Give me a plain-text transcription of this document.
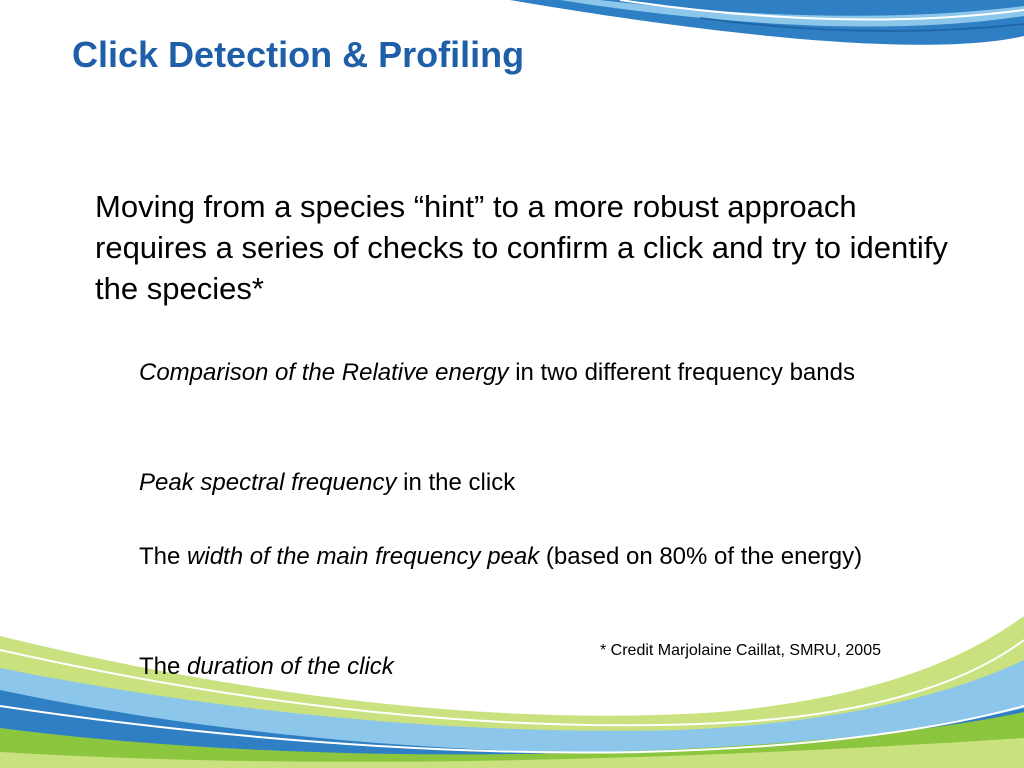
Click Detection & Profiling

Moving from a species “hint” to a more robust approach requires a series of checks to confirm a click and try to identify the species*

Comparison of the Relative energy in two different frequency bands

Peak spectral frequency in the click

The width of the main frequency peak (based on 80% of the energy)

The duration of the click

* Credit Marjolaine Caillat, SMRU, 2005
